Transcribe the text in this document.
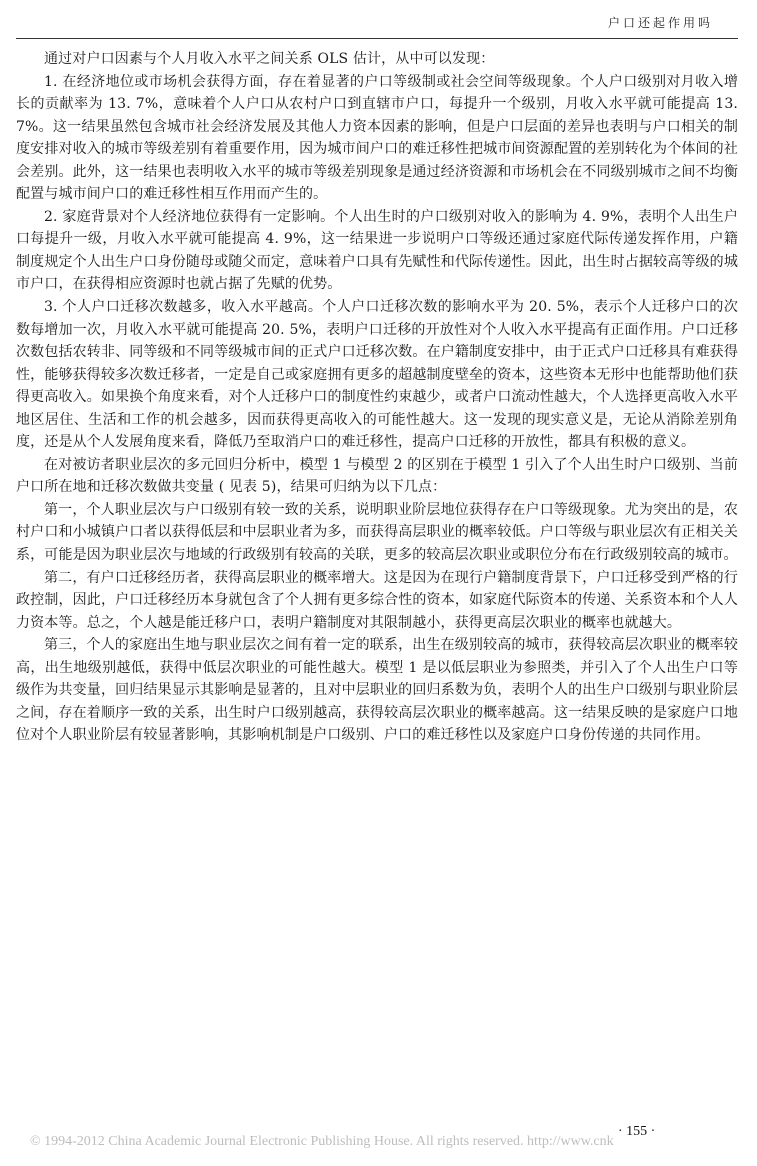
户口还起作用吗

通过对户口因素与个人月收入水平之间关系 OLS 估计，从中可以发现：

1. 在经济地位或市场机会获得方面，存在着显著的户口等级制或社会空间等级现象。个人户口级别对月收入增长的贡献率为 13. 7%，意味着个人户口从农村户口到直辖市户口，每提升一个级别，月收入水平就可能提高 13. 7%。这一结果虽然包含城市社会经济发展及其他人力资本因素的影响，但是户口层面的差异也表明与户口相关的制度安排对收入的城市等级差别有着重要作用，因为城市间户口的难迁移性把城市间资源配置的差别转化为个体间的社会差别。此外，这一结果也表明收入水平的城市等级差别现象是通过经济资源和市场机会在不同级别城市之间不均衡配置与城市间户口的难迁移性相互作用而产生的。

2. 家庭背景对个人经济地位获得有一定影响。个人出生时的户口级别对收入的影响为 4. 9%，表明个人出生户口每提升一级，月收入水平就可能提高 4. 9%，这一结果进一步说明户口等级还通过家庭代际传递发挥作用，户籍制度规定个人出生户口身份随母或随父而定，意味着户口具有先赋性和代际传递性。因此，出生时占据较高等级的城市户口，在获得相应资源时也就占据了先赋的优势。

3. 个人户口迁移次数越多，收入水平越高。个人户口迁移次数的影响水平为 20. 5%，表示个人迁移户口的次数每增加一次，月收入水平就可能提高 20. 5%，表明户口迁移的开放性对个人收入水平提高有正面作用。户口迁移次数包括农转非、同等级和不同等级城市间的正式户口迁移次数。在户籍制度安排中，由于正式户口迁移具有难获得性，能够获得较多次数迁移者，一定是自己或家庭拥有更多的超越制度壁垒的资本，这些资本无形中也能帮助他们获得更高收入。如果换个角度来看，对个人迁移户口的制度性约束越少，或者户口流动性越大，个人选择更高收入水平地区居住、生活和工作的机会越多，因而获得更高收入的可能性越大。这一发现的现实意义是，无论从消除差别角度，还是从个人发展角度来看，降低乃至取消户口的难迁移性，提高户口迁移的开放性，都具有积极的意义。

在对被访者职业层次的多元回归分析中，模型 1 与模型 2 的区别在于模型 1 引入了个人出生时户口级别、当前户口所在地和迁移次数做共变量 ( 见表 5)，结果可归纳为以下几点：

第一，个人职业层次与户口级别有较一致的关系，说明职业阶层地位获得存在户口等级现象。尤为突出的是，农村户口和小城镇户口者以获得低层和中层职业者为多，而获得高层职业的概率较低。户口等级与职业层次有正相关关系，可能是因为职业层次与地域的行政级别有较高的关联，更多的较高层次职业或职位分布在行政级别较高的城市。

第二，有户口迁移经历者，获得高层职业的概率增大。这是因为在现行户籍制度背景下，户口迁移受到严格的行政控制，因此，户口迁移经历本身就包含了个人拥有更多综合性的资本，如家庭代际资本的传递、关系资本和个人人力资本等。总之，个人越是能迁移户口，表明户籍制度对其限制越小，获得更高层次职业的概率也就越大。

第三，个人的家庭出生地与职业层次之间有着一定的联系，出生在级别较高的城市，获得较高层次职业的概率较高，出生地级别越低，获得中低层次职业的可能性越大。模型 1 是以低层职业为参照类，并引入了个人出生户口等级作为共变量，回归结果显示其影响是显著的，且对中层职业的回归系数为负，表明个人的出生户口级别与职业阶层之间，存在着顺序一致的关系，出生时户口级别越高，获得较高层次职业的概率越高。这一结果反映的是家庭户口地位对个人职业阶层有较显著影响，其影响机制是户口级别、户口的难迁移性以及家庭户口身份传递的共同作用。

© 1994-2012 China Academic Journal Electronic Publishing House. All rights reserved. http://www.cnk
· 155 ·
